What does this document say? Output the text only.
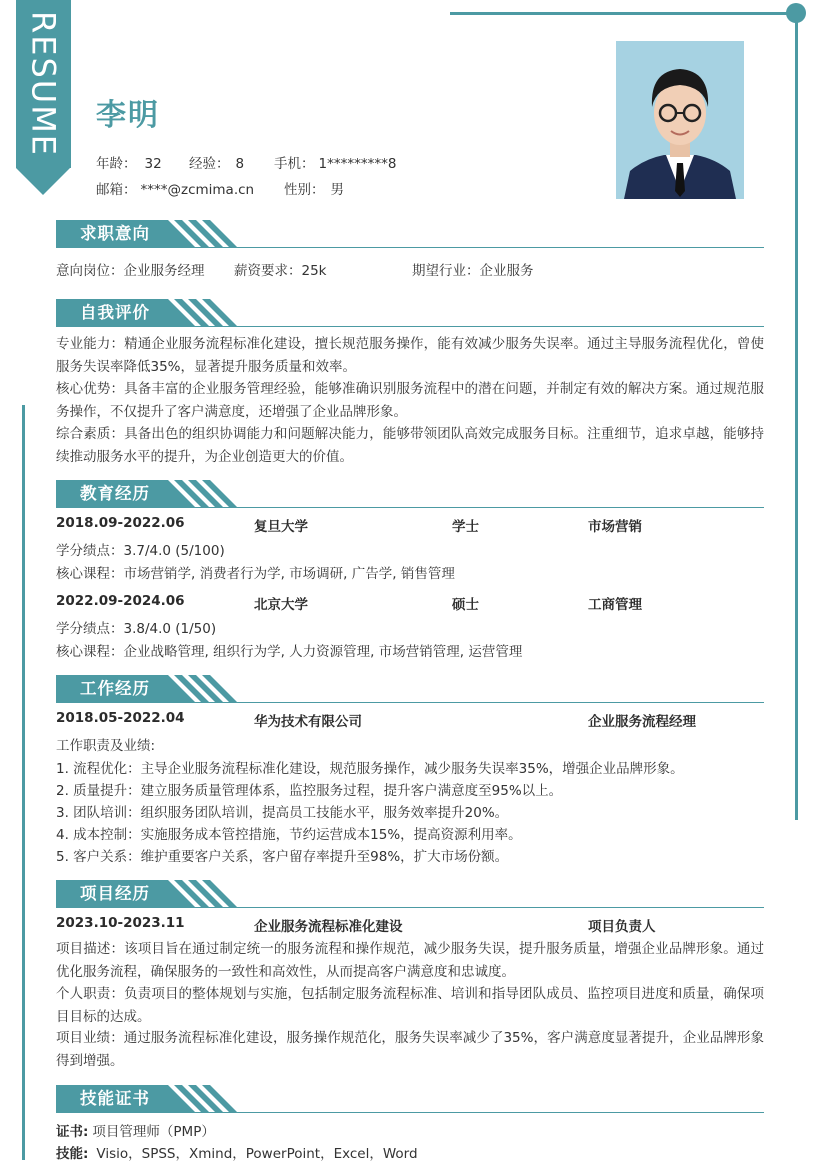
RESUME 李明
年龄： 32 经验： 8 手机： 1*********8
邮箱： ****@zcmima.cn 性别： 男
求职意向
意向岗位：企业服务经理 薪资要求：25k	期望行业：企业服务
自我评价
专业能力：精通企业服务流程标准化建设，擅长规范服务操作，能有效减少服务失误率。通过主导服务流程优化，曾使服务失误率降低35%，显著提升服务质量和效率。
核心优势：具备丰富的企业服务管理经验，能够准确识别服务流程中的潜在问题，并制定有效的解决方案。通过规范服务操作，不仅提升了客户满意度，还增强了企业品牌形象。
综合素质：具备出色的组织协调能力和问题解决能力，能够带领团队高效完成服务目标。注重细节，追求卓越，能够持续推动服务水平的提升，为企业创造更大的价值。
教育经历
2018.09-2022.06	复旦大学	学士	市场营销
学分绩点：3.7/4.0 (5/100)
核心课程：市场营销学, 消费者行为学, 市场调研, 广告学, 销售管理
2022.09-2024.06	北京大学	硕士	工商管理
学分绩点：3.8/4.0 (1/50)
核心课程：企业战略管理, 组织行为学, 人力资源管理, 市场营销管理, 运营管理
工作经历
2018.05-2022.04	华为技术有限公司	企业服务流程经理
工作职责及业绩:
1. 流程优化：主导企业服务流程标准化建设，规范服务操作，减少服务失误率35%，增强企业品牌形象。
2. 质量提升：建立服务质量管理体系，监控服务过程，提升客户满意度至95%以上。
3. 团队培训：组织服务团队培训，提高员工技能水平，服务效率提升20%。
4. 成本控制：实施服务成本管控措施，节约运营成本15%，提高资源利用率。
5. 客户关系：维护重要客户关系，客户留存率提升至98%，扩大市场份额。
项目经历
2023.10-2023.11	企业服务流程标准化建设	项目负责人
项目描述：该项目旨在通过制定统一的服务流程和操作规范，减少服务失误，提升服务质量，增强企业品牌形象。通过优化服务流程，确保服务的一致性和高效性，从而提高客户满意度和忠诚度。
个人职责：负责项目的整体规划与实施，包括制定服务流程标准、培训和指导团队成员、监控项目进度和质量，确保项目目标的达成。
项目业绩：通过服务流程标准化建设，服务操作规范化，服务失误率减少了35%，客户满意度显著提升，企业品牌形象得到增强。
技能证书
证书: 项目管理师（PMP）
技能: Visio，SPSS，Xmind，PowerPoint，Excel，Word
